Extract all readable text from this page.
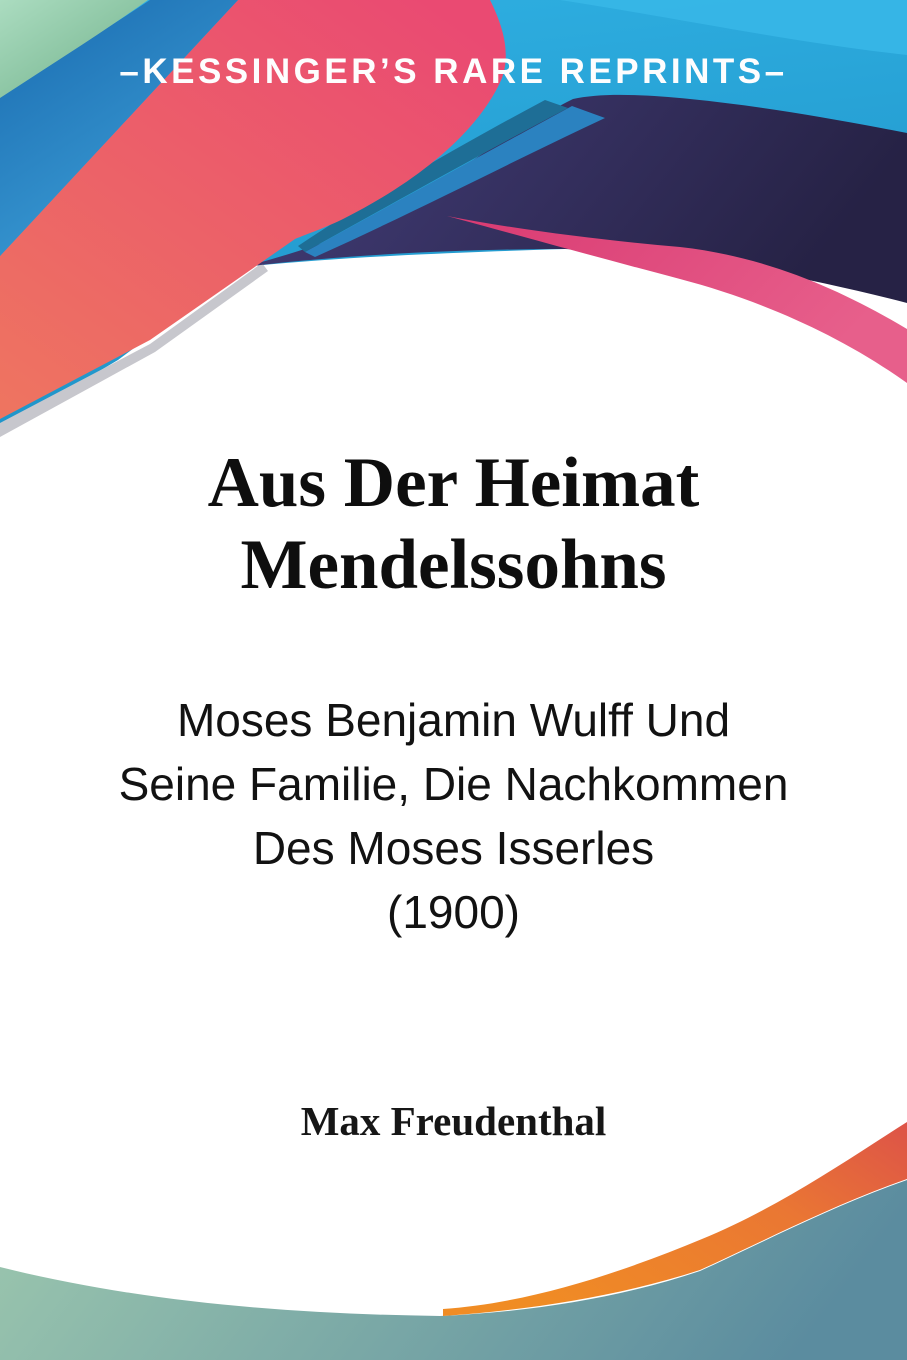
–KESSINGER’S RARE REPRINTS–
Aus Der Heimat
Mendelssohns
Moses Benjamin Wulff Und
Seine Familie, Die Nachkommen
Des Moses Isserles
(1900)
Max Freudenthal
